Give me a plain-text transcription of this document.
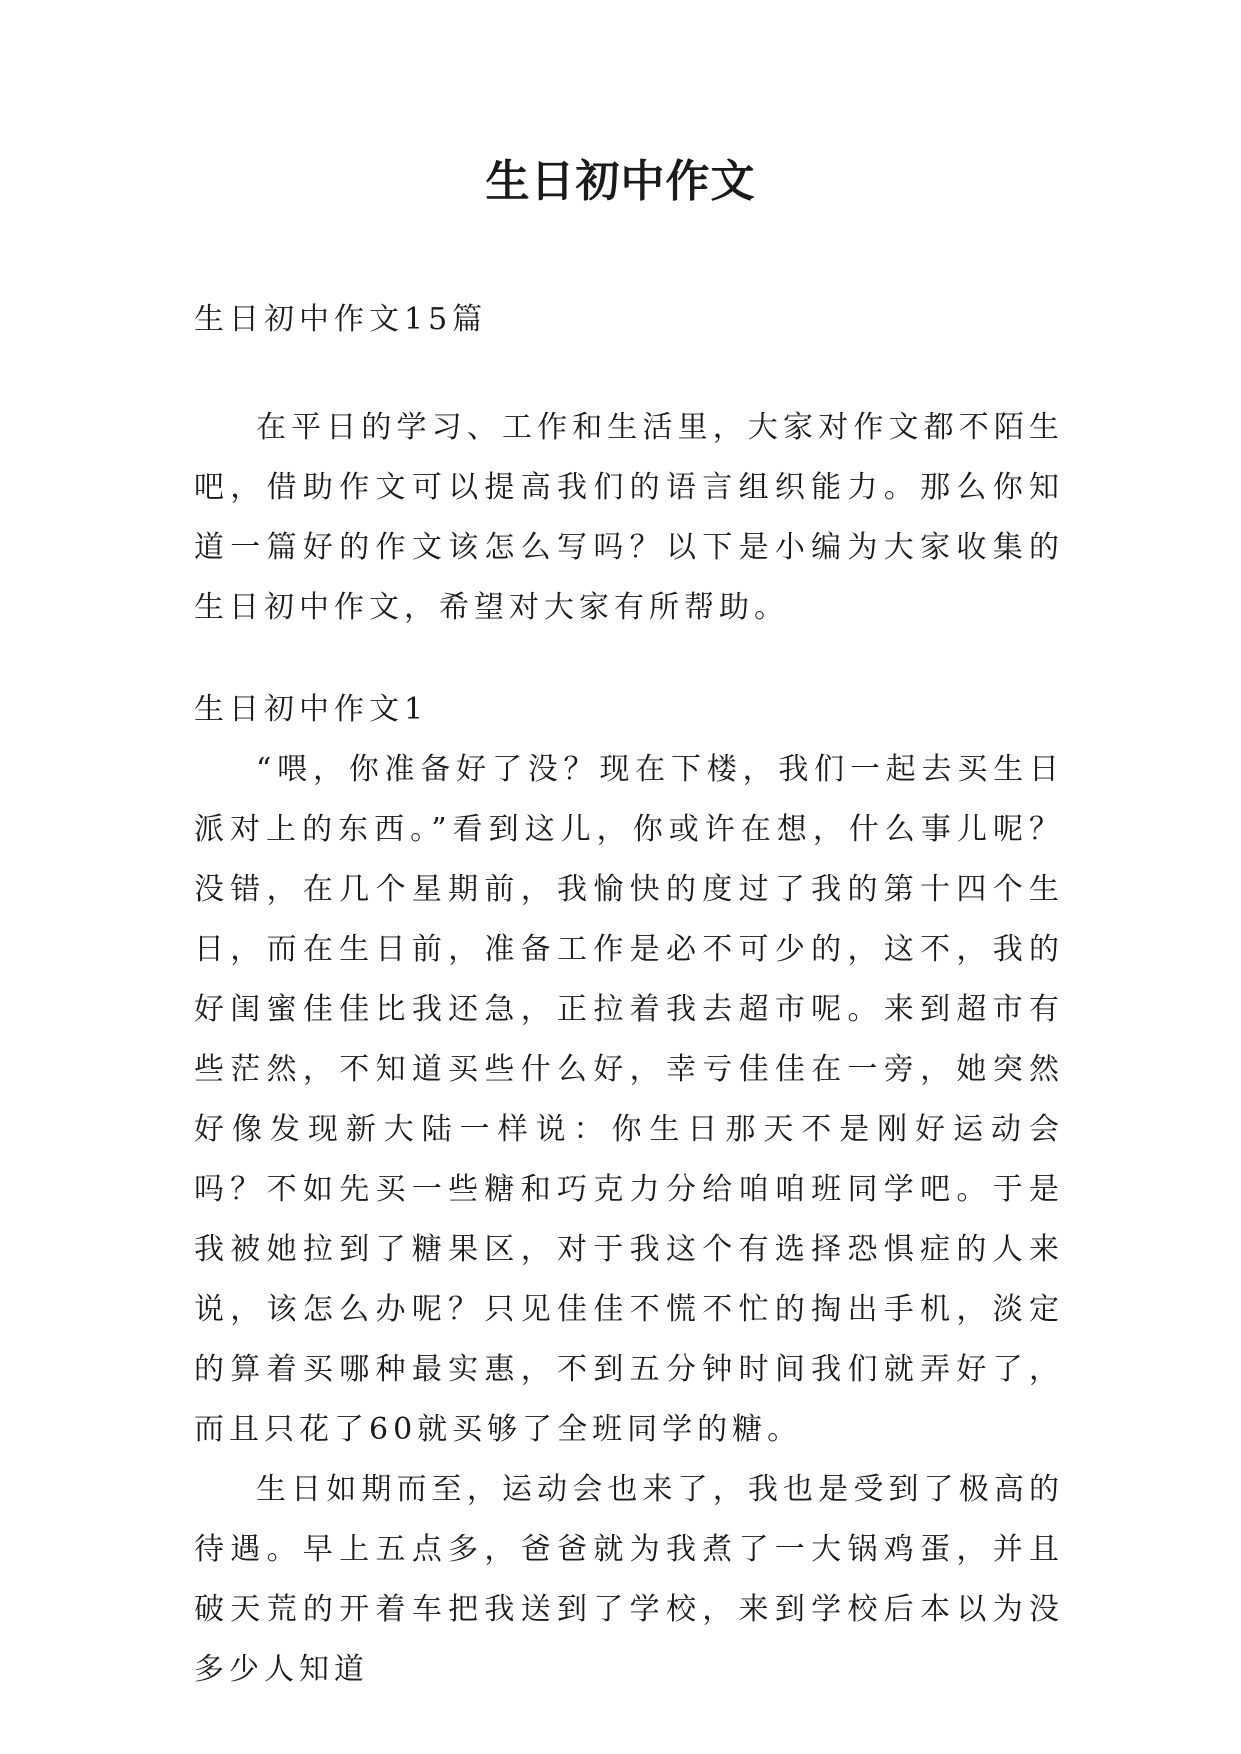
生日初中作文

生日初中作文15篇

在平日的学习、工作和生活里，大家对作文都不陌生吧，借助作文可以提高我们的语言组织能力。那么你知道一篇好的作文该怎么写吗？以下是小编为大家收集的生日初中作文，希望对大家有所帮助。

生日初中作文1

“喂，你准备好了没？现在下楼，我们一起去买生日派对上的东西。”看到这儿，你或许在想，什么事儿呢？没错，在几个星期前，我愉快的度过了我的第十四个生日，而在生日前，准备工作是必不可少的，这不，我的好闺蜜佳佳比我还急，正拉着我去超市呢。来到超市有些茫然，不知道买些什么好，幸亏佳佳在一旁，她突然好像发现新大陆一样说：你生日那天不是刚好运动会吗？不如先买一些糖和巧克力分给咱咱班同学吧。于是我被她拉到了糖果区，对于我这个有选择恐惧症的人来说，该怎么办呢？只见佳佳不慌不忙的掏出手机，淡定的算着买哪种最实惠，不到五分钟时间我们就弄好了，而且只花了60就买够了全班同学的糖。

生日如期而至，运动会也来了，我也是受到了极高的待遇。早上五点多，爸爸就为我煮了一大锅鸡蛋，并且破天荒的开着车把我送到了学校，来到学校后本以为没多少人知道
